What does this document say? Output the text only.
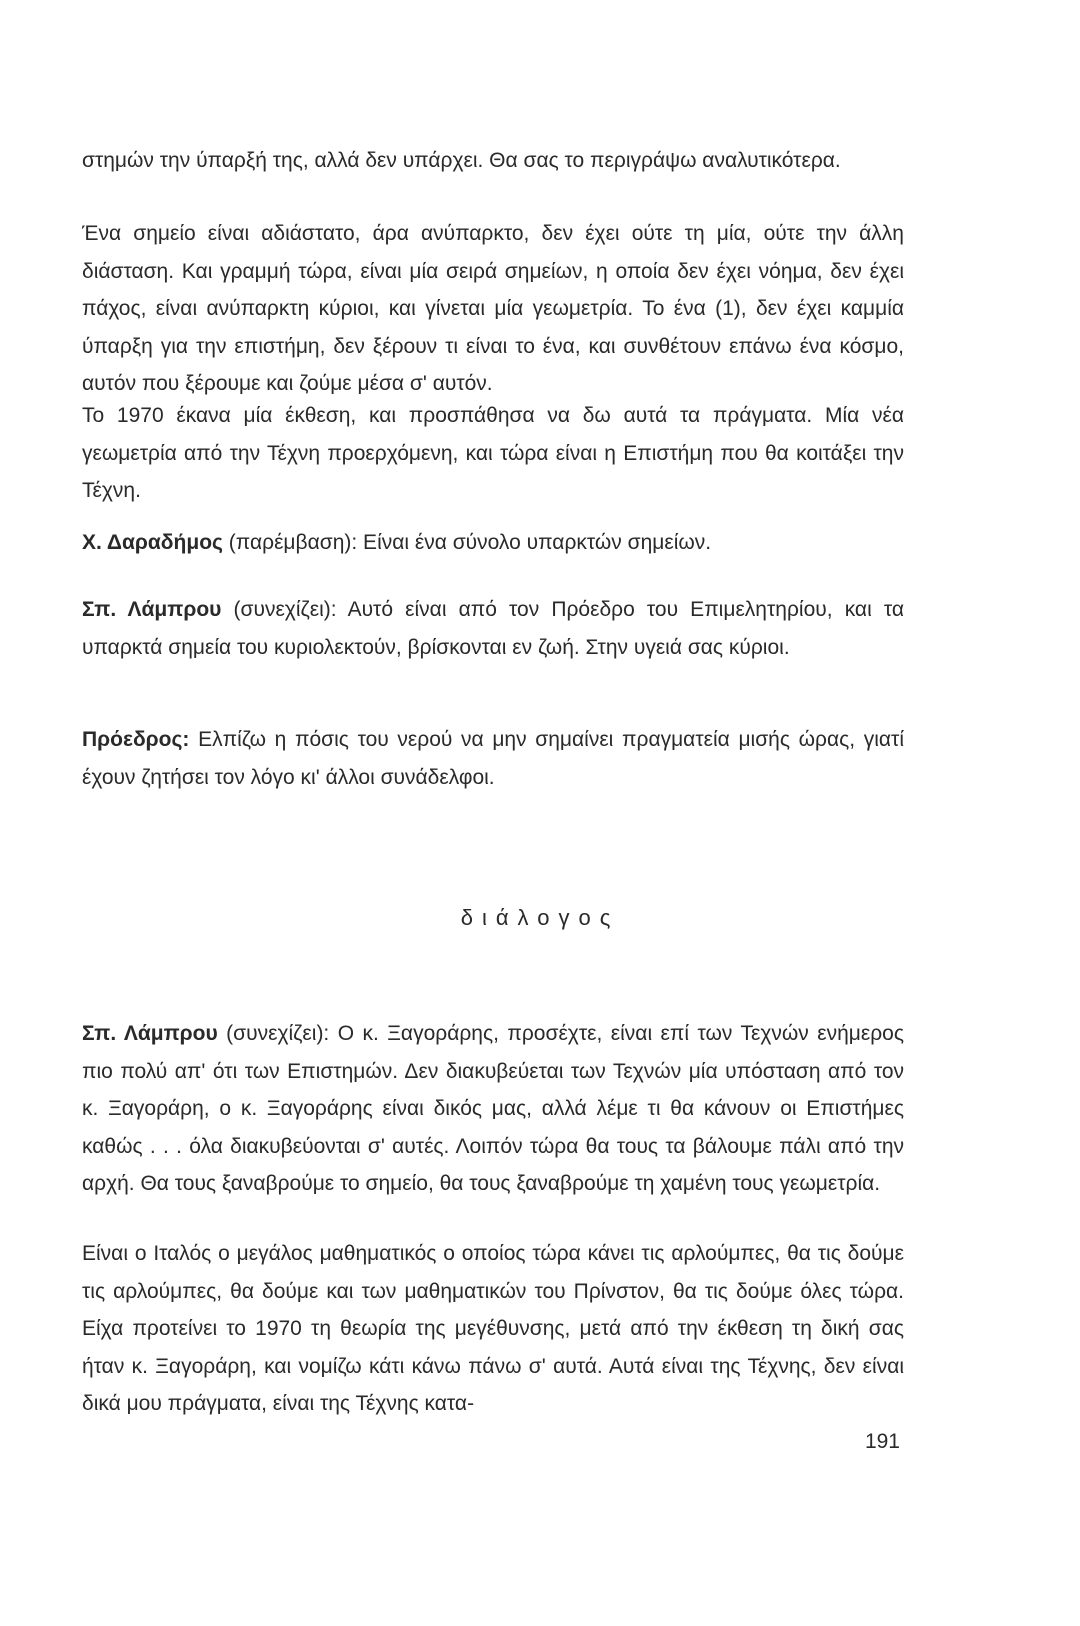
στημών την ύπαρξή της, αλλά δεν υπάρχει. Θα σας το περιγράψω αναλυτικότερα.

Ένα σημείο είναι αδιάστατο, άρα ανύπαρκτο, δεν έχει ούτε τη μία, ούτε την άλλη διάσταση. Και γραμμή τώρα, είναι μία σειρά σημείων, η οποία δεν έχει νόημα, δεν έχει πάχος, είναι ανύπαρκτη κύριοι, και γίνεται μία γεωμετρία. Το ένα (1), δεν έχει καμμία ύπαρξη για την επιστήμη, δεν ξέρουν τι είναι το ένα, και συνθέτουν επάνω ένα κόσμο, αυτόν που ξέρουμε και ζούμε μέσα σ' αυτόν.

Το 1970 έκανα μία έκθεση, και προσπάθησα να δω αυτά τα πράγματα. Μία νέα γεωμετρία από την Τέχνη προερχόμενη, και τώρα είναι η Επιστήμη που θα κοιτάξει την Τέχνη.

Χ. Δαραδήμος (παρέμβαση): Είναι ένα σύνολο υπαρκτών σημείων.

Σπ. Λάμπρου (συνεχίζει): Αυτό είναι από τον Πρόεδρο του Επιμελητηρίου, και τα υπαρκτά σημεία του κυριολεκτούν, βρίσκονται εν ζωή. Στην υγειά σας κύριοι.

Πρόεδρος: Ελπίζω η πόσις του νερού να μην σημαίνει πραγματεία μισής ώρας, γιατί έχουν ζητήσει τον λόγο κι' άλλοι συνάδελφοι.

διάλογος

Σπ. Λάμπρου (συνεχίζει): Ο κ. Ξαγοράρης, προσέχτε, είναι επί των Τεχνών ενήμερος πιο πολύ απ' ότι των Επιστημών. Δεν διακυβεύεται των Τεχνών μία υπόσταση από τον κ. Ξαγοράρη, ο κ. Ξαγοράρης είναι δικός μας, αλλά λέμε τι θα κάνουν οι Επιστήμες καθώς . . . όλα διακυβεύονται σ' αυτές. Λοιπόν τώρα θα τους τα βάλουμε πάλι από την αρχή. Θα τους ξαναβρούμε το σημείο, θα τους ξαναβρούμε τη χαμένη τους γεωμετρία.

Είναι ο Ιταλός ο μεγάλος μαθηματικός ο οποίος τώρα κάνει τις αρλούμπες, θα τις δούμε τις αρλούμπες, θα δούμε και των μαθηματικών του Πρίνστον, θα τις δούμε όλες τώρα. Είχα προτείνει το 1970 τη θεωρία της μεγέθυνσης, μετά από την έκθεση τη δική σας ήταν κ. Ξαγοράρη, και νομίζω κάτι κάνω πάνω σ' αυτά. Αυτά είναι της Τέχνης, δεν είναι δικά μου πράγματα, είναι της Τέχνης κατα-

191
